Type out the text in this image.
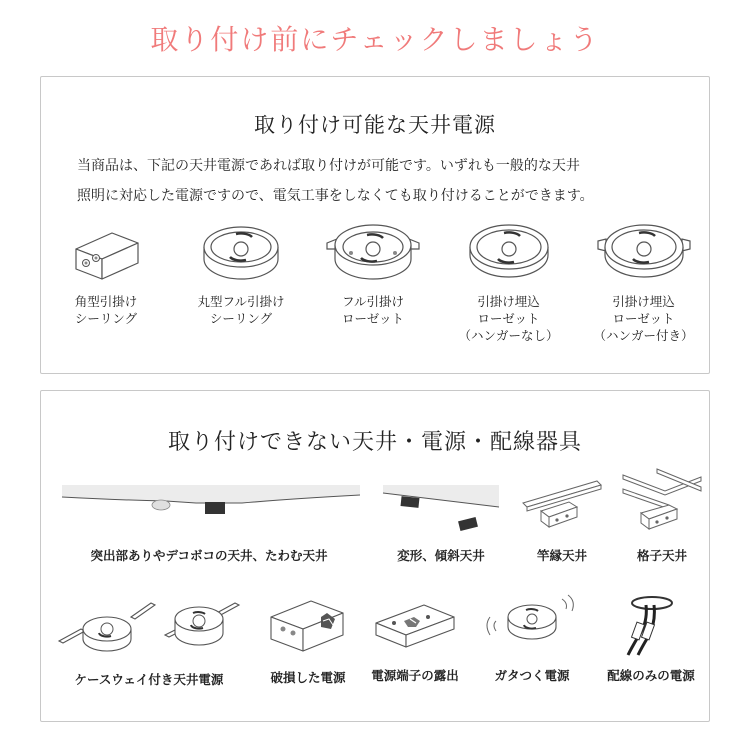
取り付け前にチェックしましょう
取り付け可能な天井電源

当商品は、下記の天井電源であれば取り付けが可能です。いずれも一般的な天井

照明に対応した電源ですので、電気工事をしなくても取り付けることができます。

角型引掛け
シーリング
丸型フル引掛け
シーリング
フル引掛け
ローゼット
引掛け埋込
ローゼット
（ハンガーなし）
引掛け埋込
ローゼット
（ハンガー付き）
取り付けできない天井・電源・配線器具
突出部ありやデコボコの天井、たわむ天井	変形、傾斜天井	竿縁天井	格子天井
ケースウェイ付き天井電源	破損した電源	電源端子の露出	ガタつく電源	配線のみの電源
